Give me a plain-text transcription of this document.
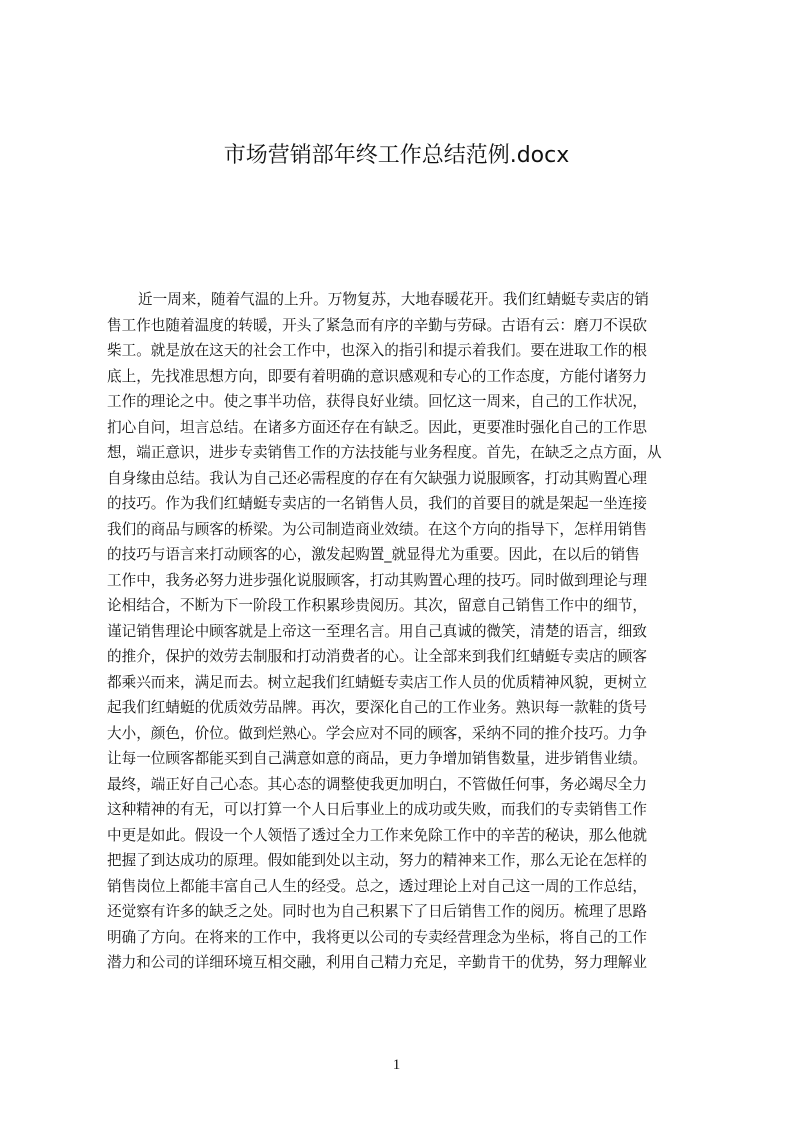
市场营销部年终工作总结范例.docx
近一周来，随着气温的上升。万物复苏，大地春暖花开。我们红蜻蜓专卖店的销
售工作也随着温度的转暖，开头了紧急而有序的辛勤与劳碌。古语有云：磨刀不误砍
柴工。就是放在这天的社会工作中，也深入的指引和提示着我们。要在进取工作的根
底上，先找准思想方向，即要有着明确的意识感观和专心的工作态度，方能付诸努力
工作的理论之中。使之事半功倍，获得良好业绩。回忆这一周来，自己的工作状况，
扪心自问，坦言总结。在诸多方面还存在有缺乏。因此，更要准时强化自己的工作思
想，端正意识，进步专卖销售工作的方法技能与业务程度。首先，在缺乏之点方面，从
自身缘由总结。我认为自己还必需程度的存在有欠缺强力说服顾客，打动其购置心理
的技巧。作为我们红蜻蜓专卖店的一名销售人员，我们的首要目的就是架起一坐连接
我们的商品与顾客的桥梁。为公司制造商业效绩。在这个方向的指导下，怎样用销售
的技巧与语言来打动顾客的心，激发起购置_就显得尤为重要。因此，在以后的销售
工作中，我务必努力进步强化说服顾客，打动其购置心理的技巧。同时做到理论与理
论相结合，不断为下一阶段工作积累珍贵阅历。其次，留意自己销售工作中的细节，
谨记销售理论中顾客就是上帝这一至理名言。用自己真诚的微笑，清楚的语言，细致
的推介，保护的效劳去制服和打动消费者的心。让全部来到我们红蜻蜓专卖店的顾客
都乘兴而来，满足而去。树立起我们红蜻蜓专卖店工作人员的优质精神风貌，更树立
起我们红蜻蜓的优质效劳品牌。再次，要深化自己的工作业务。熟识每一款鞋的货号
大小，颜色，价位。做到烂熟心。学会应对不同的顾客，采纳不同的推介技巧。力争
让每一位顾客都能买到自己满意如意的商品，更力争增加销售数量，进步销售业绩。
最终，端正好自己心态。其心态的调整使我更加明白，不管做任何事，务必竭尽全力
这种精神的有无，可以打算一个人日后事业上的成功或失败，而我们的专卖销售工作
中更是如此。假设一个人领悟了透过全力工作来免除工作中的辛苦的秘诀，那么他就
把握了到达成功的原理。假如能到处以主动，努力的精神来工作，那么无论在怎样的
销售岗位上都能丰富自己人生的经受。总之，透过理论上对自己这一周的工作总结，
还觉察有许多的缺乏之处。同时也为自己积累下了日后销售工作的阅历。梳理了思路
明确了方向。在将来的工作中，我将更以公司的专卖经营理念为坐标，将自己的工作
潜力和公司的详细环境互相交融，利用自己精力充足，辛勤肯干的优势，努力理解业
1
